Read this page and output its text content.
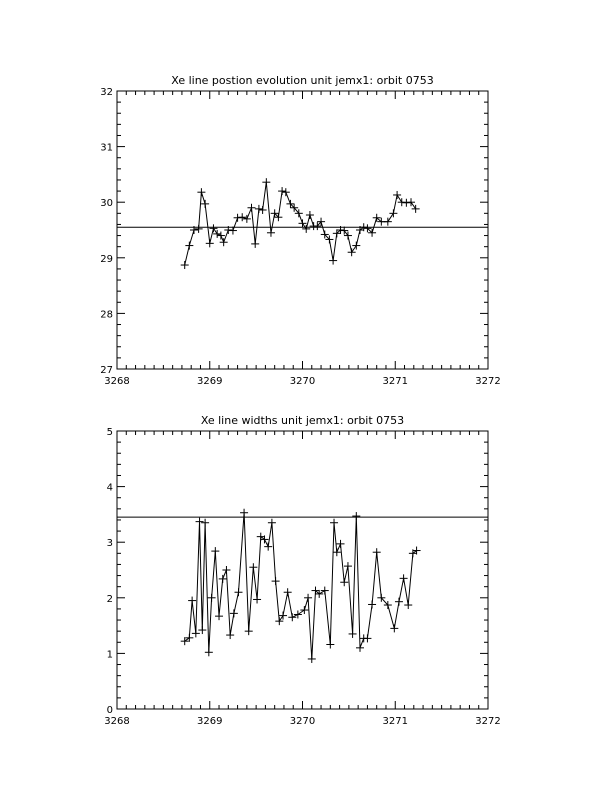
Xe line postion evolution unit jemx1: orbit 0753
3268	3269	3270	3271	3272
27
28
29
30
31
32
Xe line widths unit jemx1: orbit 0753
3268	3269	3270	3271	3272
0
1
2
3
4
5
